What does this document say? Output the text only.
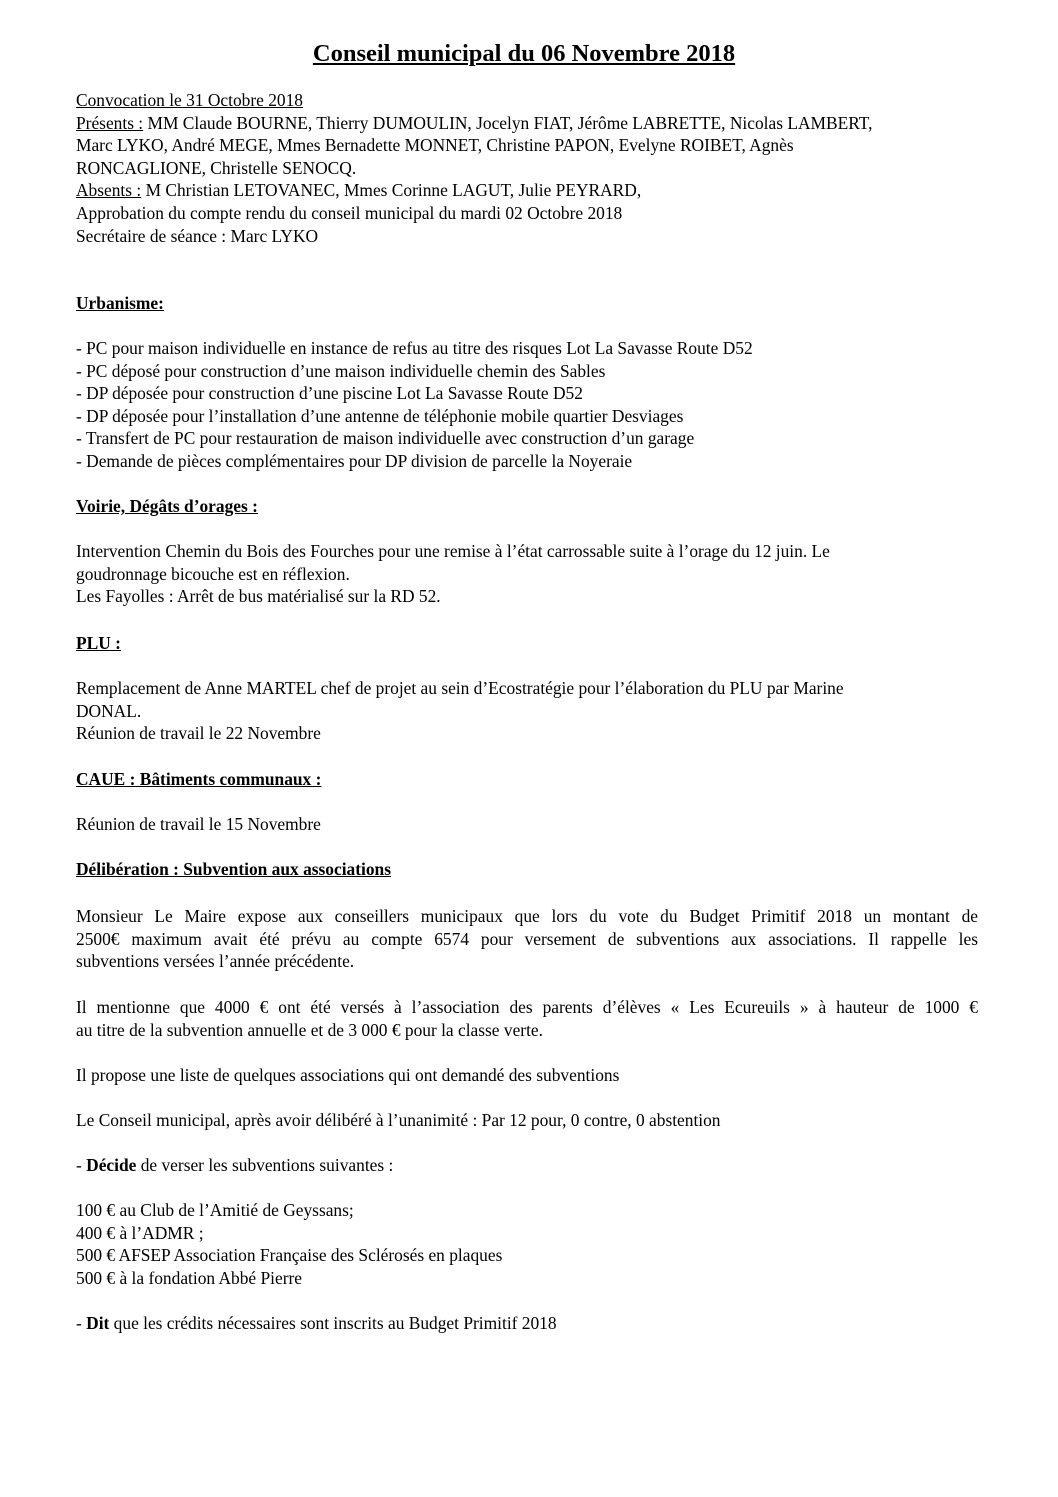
Conseil municipal du 06 Novembre 2018
Convocation le 31 Octobre 2018
Présents : MM Claude BOURNE, Thierry DUMOULIN, Jocelyn FIAT, Jérôme LABRETTE, Nicolas LAMBERT,
Marc LYKO, André MEGE, Mmes Bernadette MONNET, Christine PAPON, Evelyne ROIBET, Agnès
RONCAGLIONE, Christelle SENOCQ.
Absents : M Christian LETOVANEC, Mmes Corinne LAGUT, Julie PEYRARD,
Approbation du compte rendu du conseil municipal du mardi 02 Octobre 2018
Secrétaire de séance : Marc LYKO
Urbanisme:
- PC pour maison individuelle en instance de refus au titre des risques Lot La Savasse Route D52
- PC déposé pour construction d’une maison individuelle chemin des Sables
- DP déposée pour construction d’une piscine Lot La Savasse Route D52
- DP déposée pour l’installation d’une antenne de téléphonie mobile quartier Desviages
- Transfert de PC pour restauration de maison individuelle avec construction d’un garage
- Demande de pièces complémentaires pour DP division de parcelle la Noyeraie
Voirie, Dégâts d’orages :
Intervention Chemin du Bois des Fourches pour une remise à l’état carrossable suite à l’orage du 12 juin. Le
goudronnage bicouche est en réflexion.
Les Fayolles : Arrêt de bus matérialisé sur la RD 52.
PLU :
Remplacement de Anne MARTEL chef de projet au sein d’Ecostratégie pour l’élaboration du PLU par Marine
DONAL.
Réunion de travail le 22 Novembre
CAUE : Bâtiments communaux :
Réunion de travail le 15 Novembre
Délibération : Subvention aux associations
Monsieur Le Maire expose aux conseillers municipaux que lors du vote du Budget Primitif 2018 un montant de
2500€ maximum avait été prévu au compte 6574 pour versement de subventions aux associations. Il rappelle les
subventions versées l’année précédente.
Il mentionne que 4000 € ont été versés à l’association des parents d’élèves « Les Ecureuils » à hauteur de 1000 €
au titre de la subvention annuelle et de 3 000 € pour la classe verte.
Il propose une liste de quelques associations qui ont demandé des subventions
Le Conseil municipal, après avoir délibéré à l’unanimité : Par 12 pour, 0 contre, 0 abstention
- Décide de verser les subventions suivantes :
100 € au Club de l’Amitié de Geyssans;
400 € à l’ADMR ;
500 € AFSEP Association Française des Sclérosés en plaques
500 € à la fondation Abbé Pierre
- Dit que les crédits nécessaires sont inscrits au Budget Primitif 2018
